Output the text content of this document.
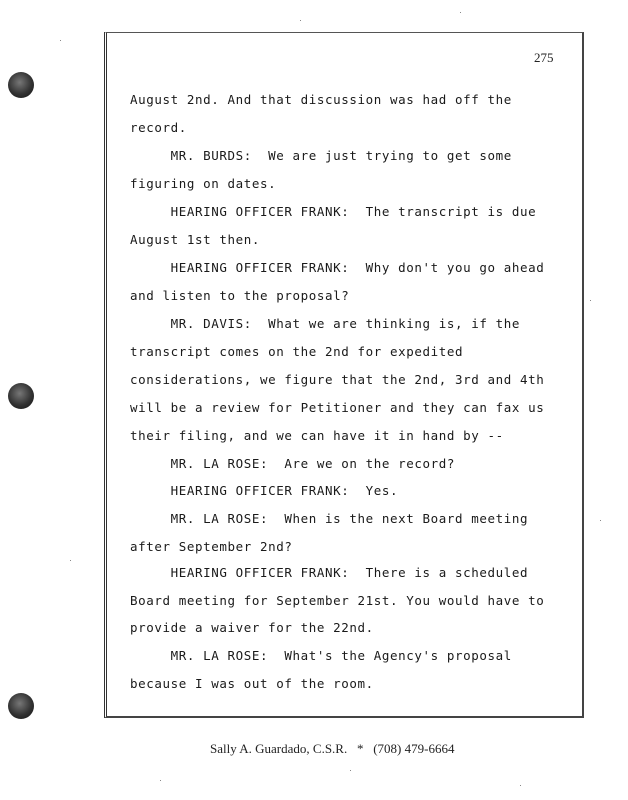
275
August 2nd. And that discussion was had off the
record.
MR. BURDS:  We are just trying to get some
figuring on dates.
HEARING OFFICER FRANK:  The transcript is due
August 1st then.
HEARING OFFICER FRANK:  Why don't you go ahead
and listen to the proposal?
MR. DAVIS:  What we are thinking is, if the
transcript comes on the 2nd for expedited
considerations, we figure that the 2nd, 3rd and 4th
will be a review for Petitioner and they can fax us
their filing, and we can have it in hand by --
MR. LA ROSE:  Are we on the record?
HEARING OFFICER FRANK:  Yes.
MR. LA ROSE:  When is the next Board meeting
after September 2nd?
HEARING OFFICER FRANK:  There is a scheduled
Board meeting for September 21st. You would have to
provide a waiver for the 22nd.
MR. LA ROSE:  What's the Agency's proposal
because I was out of the room.
Sally A. Guardado, C.S.R.   *   (708) 479-6664
